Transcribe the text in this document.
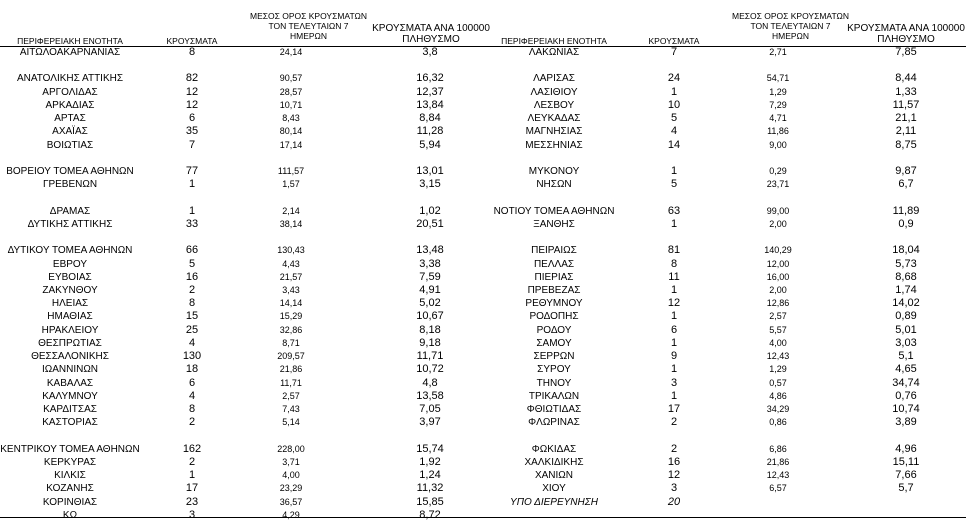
ΠΕΡΙΦΕΡΕΙΑΚΗ ΕΝΟΤΗΤΑ	ΚΡΟΥΣΜΑΤΑ
ΜΕΣΟΣ ΟΡΟΣ ΚΡΟΥΣΜΑΤΩΝ
ΤΟΝ ΤΕΛΕΥΤΑΙΩΝ 7
ΗΜΕΡΩΝ
ΚΡΟΥΣΜΑΤΑ ΑΝΑ 100000
ΠΛΗΘΥΣΜΟ	ΠΕΡΙΦΕΡΕΙΑΚΗ ΕΝΟΤΗΤΑ	ΚΡΟΥΣΜΑΤΑ
ΜΕΣΟΣ ΟΡΟΣ ΚΡΟΥΣΜΑΤΩΝ
ΤΟΝ ΤΕΛΕΥΤΑΙΩΝ 7
ΗΜΕΡΩΝ
ΚΡΟΥΣΜΑΤΑ ΑΝΑ 100000
ΠΛΗΘΥΣΜΟ
ΑΙΤΩΛΟΑΚΑΡΝΑΝΙΑΣ	8	24,14	3,8
ΑΝΑΤΟΛΙΚΗΣ ΑΤΤΙΚΗΣ	82	90,57	16,32
ΑΡΓΟΛΙΔΑΣ	12	28,57	12,37
ΑΡΚΑΔΙΑΣ	12	10,71	13,84
ΑΡΤΑΣ	6	8,43	8,84
ΑΧΑΪΑΣ	35	80,14	11,28
ΒΟΙΩΤΙΑΣ	7	17,14	5,94
ΒΟΡΕΙΟΥ ΤΟΜΕΑ ΑΘΗΝΩΝ	77	111,57	13,01
ΓΡΕΒΕΝΩΝ	1	1,57	3,15
ΔΡΑΜΑΣ	1	2,14	1,02
ΔΥΤΙΚΗΣ ΑΤΤΙΚΗΣ	33	38,14	20,51
ΔΥΤΙΚΟΥ ΤΟΜΕΑ ΑΘΗΝΩΝ	66	130,43	13,48
ΕΒΡΟΥ	5	4,43	3,38
ΕΥΒΟΙΑΣ	16	21,57	7,59
ΖΑΚΥΝΘΟΥ	2	3,43	4,91
ΗΛΕΙΑΣ	8	14,14	5,02
ΗΜΑΘΙΑΣ	15	15,29	10,67
ΗΡΑΚΛΕΙΟΥ	25	32,86	8,18
ΘΕΣΠΡΩΤΙΑΣ	4	8,71	9,18
ΘΕΣΣΑΛΟΝΙΚΗΣ	130	209,57	11,71
ΙΩΑΝΝΙΝΩΝ	18	21,86	10,72
ΚΑΒΑΛΑΣ	6	11,71	4,8
ΚΑΛΥΜΝΟΥ	4	2,57	13,58
ΚΑΡΔΙΤΣΑΣ	8	7,43	7,05
ΚΑΣΤΟΡΙΑΣ	2	5,14	3,97
ΚΕΝΤΡΙΚΟΥ ΤΟΜΕΑ ΑΘΗΝΩΝ	162	228,00	15,74
ΚΕΡΚΥΡΑΣ	2	3,71	1,92
ΚΙΛΚΙΣ	1	4,00	1,24
ΚΟΖΑΝΗΣ	17	23,29	11,32
ΚΟΡΙΝΘΙΑΣ	23	36,57	15,85
ΚΩ	3	4,29	8,72
ΛΑΚΩΝΙΑΣ	7	2,71	7,85
ΛΑΡΙΣΑΣ	24	54,71	8,44
ΛΑΣΙΘΙΟΥ	1	1,29	1,33
ΛΕΣΒΟΥ	10	7,29	11,57
ΛΕΥΚΑΔΑΣ	5	4,71	21,1
ΜΑΓΝΗΣΙΑΣ	4	11,86	2,11
ΜΕΣΣΗΝΙΑΣ	14	9,00	8,75
ΜΥΚΟΝΟΥ	1	0,29	9,87
ΝΗΣΩΝ	5	23,71	6,7
ΝΟΤΙΟΥ ΤΟΜΕΑ ΑΘΗΝΩΝ	63	99,00	11,89
ΞΑΝΘΗΣ	1	2,00	0,9
ΠΕΙΡΑΙΩΣ	81	140,29	18,04
ΠΕΛΛΑΣ	8	12,00	5,73
ΠΙΕΡΙΑΣ	11	16,00	8,68
ΠΡΕΒΕΖΑΣ	1	2,00	1,74
ΡΕΘΥΜΝΟΥ	12	12,86	14,02
ΡΟΔΟΠΗΣ	1	2,57	0,89
ΡΟΔΟΥ	6	5,57	5,01
ΣΑΜΟΥ	1	4,00	3,03
ΣΕΡΡΩΝ	9	12,43	5,1
ΣΥΡΟΥ	1	1,29	4,65
ΤΗΝΟΥ	3	0,57	34,74
ΤΡΙΚΑΛΩΝ	1	4,86	0,76
ΦΘΙΩΤΙΔΑΣ	17	34,29	10,74
ΦΛΩΡΙΝΑΣ	2	0,86	3,89
ΦΩΚΙΔΑΣ	2	6,86	4,96
ΧΑΛΚΙΔΙΚΗΣ	16	21,86	15,11
ΧΑΝΙΩΝ	12	12,43	7,66
ΧΙΟΥ	3	6,57	5,7
ΥΠΟ ΔΙΕΡΕΥΝΗΣΗ	20
